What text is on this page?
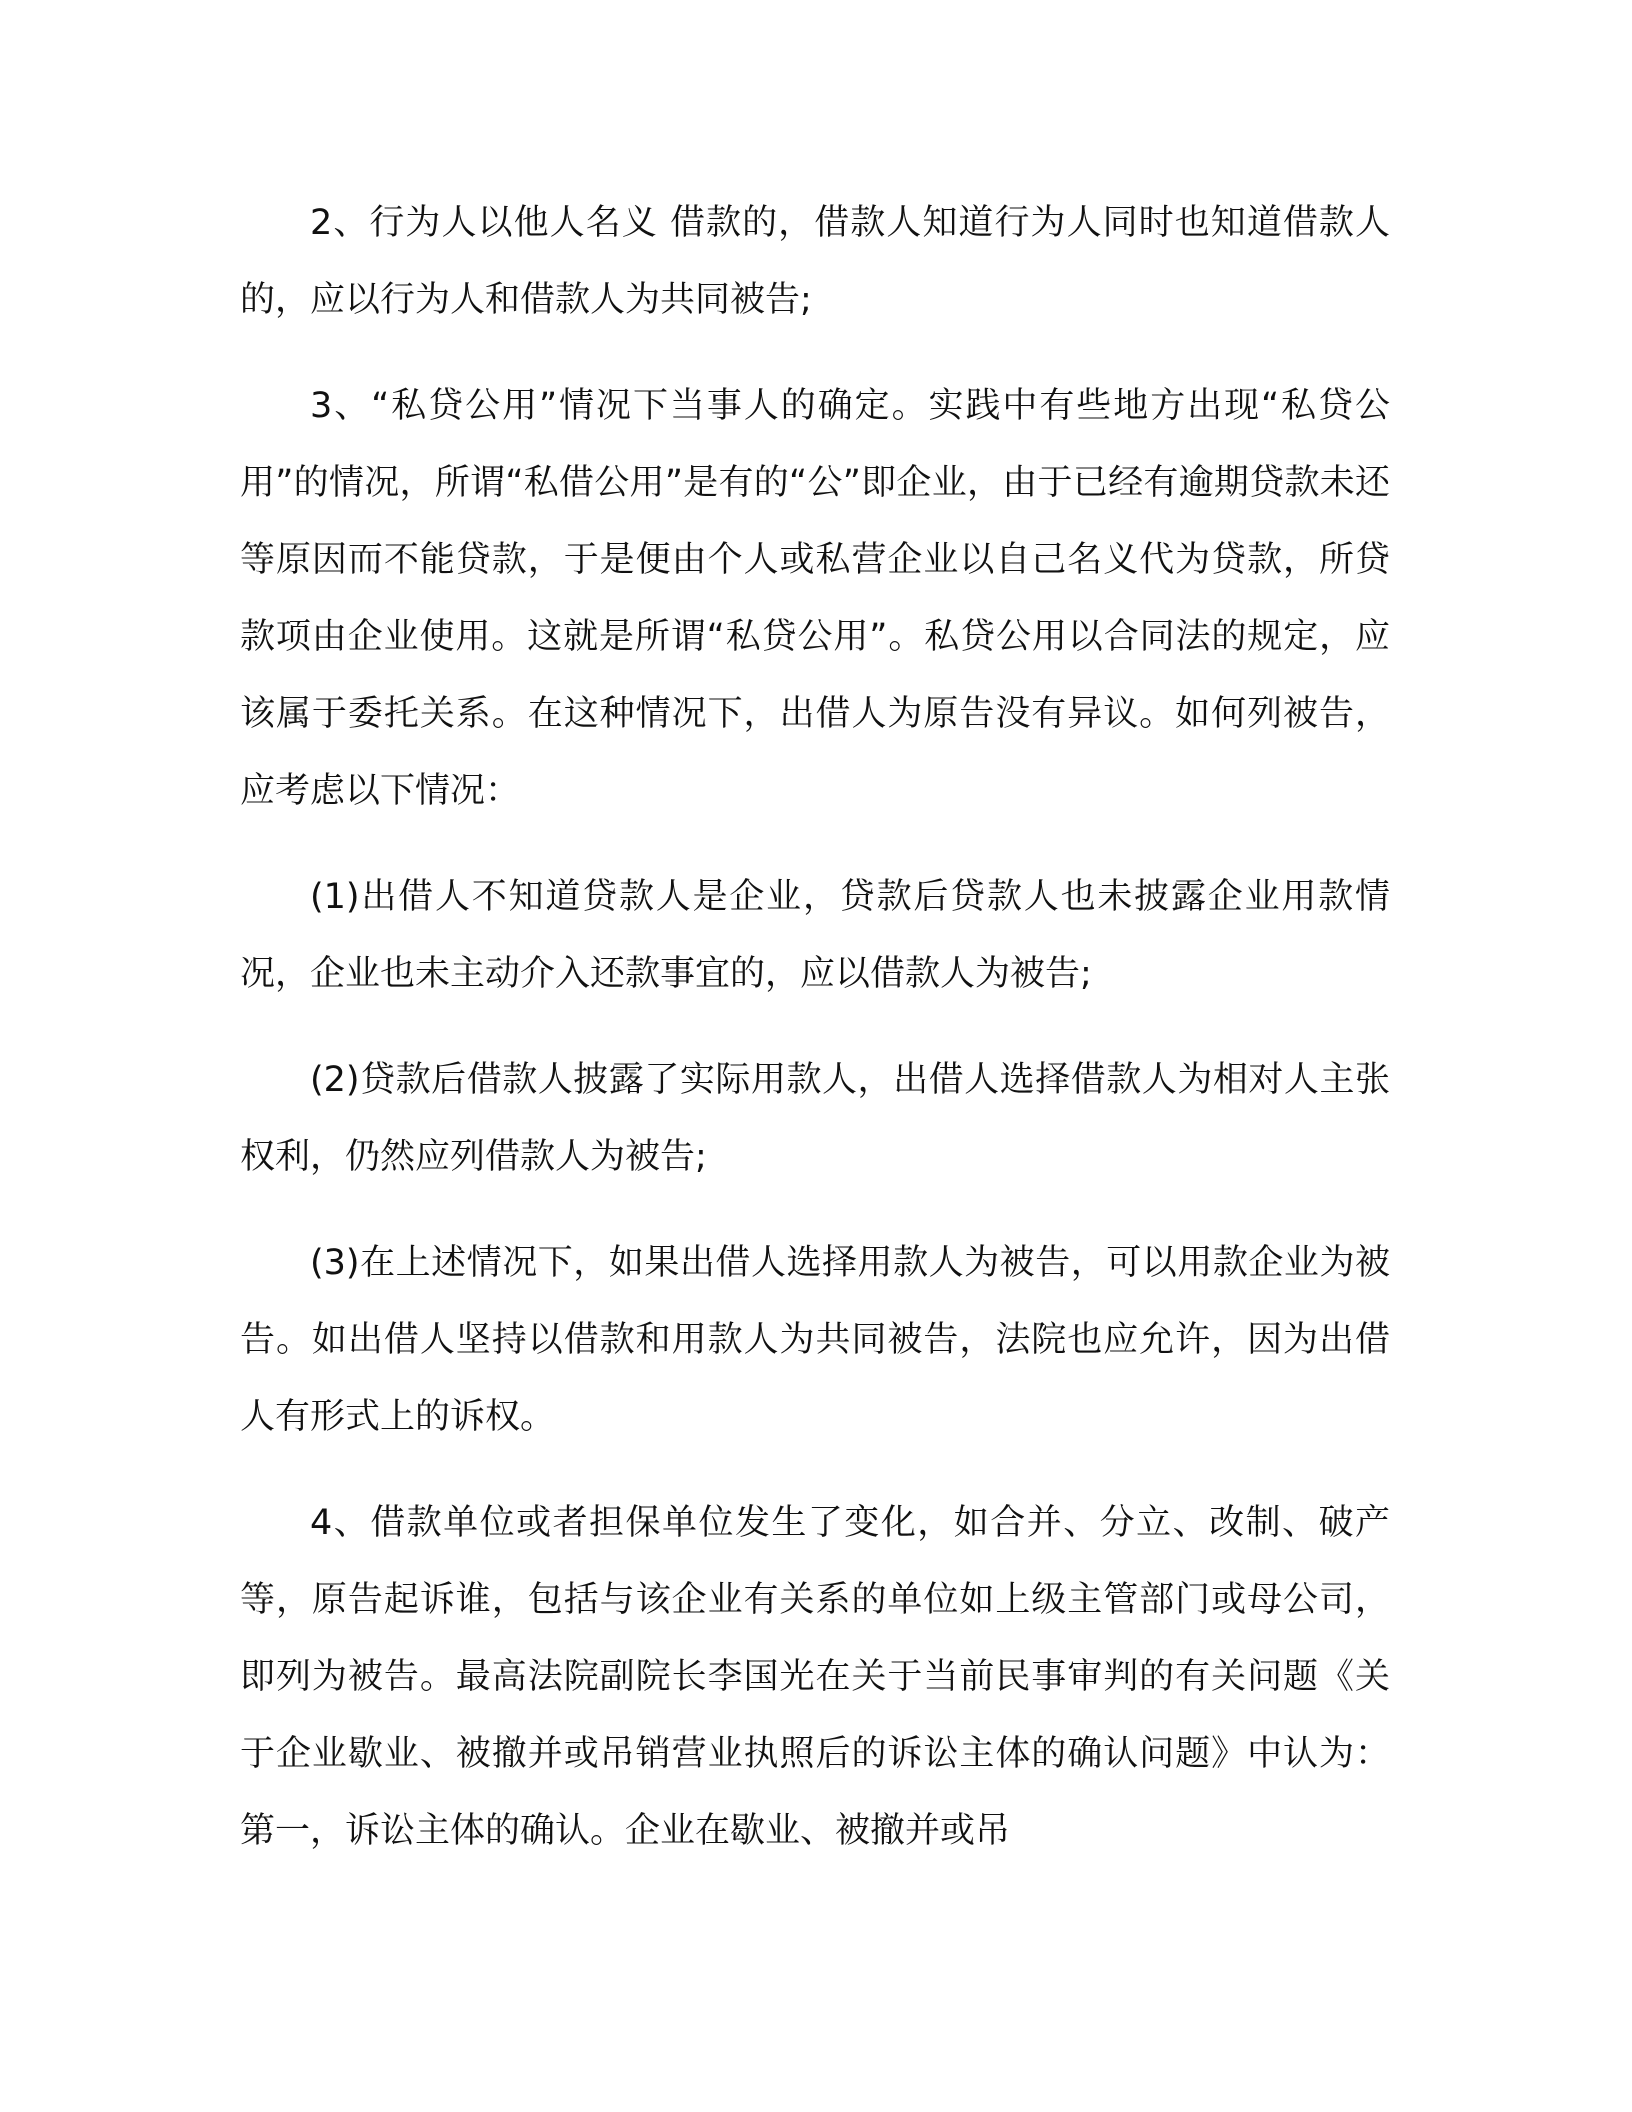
2、行为人以他人名义 借款的，借款人知道行为人同时也知道借款人的，应以行为人和借款人为共同被告;

3、“私贷公用”情况下当事人的确定。实践中有些地方出现“私贷公用”的情况，所谓“私借公用”是有的“公”即企业，由于已经有逾期贷款未还等原因而不能贷款，于是便由个人或私营企业以自己名义代为贷款，所贷款项由企业使用。这就是所谓“私贷公用”。私贷公用以合同法的规定，应该属于委托关系。在这种情况下，出借人为原告没有异议。如何列被告，应考虑以下情况：

(1)出借人不知道贷款人是企业，贷款后贷款人也未披露企业用款情况，企业也未主动介入还款事宜的，应以借款人为被告;

(2)贷款后借款人披露了实际用款人，出借人选择借款人为相对人主张权利，仍然应列借款人为被告;

(3)在上述情况下，如果出借人选择用款人为被告，可以用款企业为被告。如出借人坚持以借款和用款人为共同被告，法院也应允许，因为出借人有形式上的诉权。

4、借款单位或者担保单位发生了变化，如合并、分立、改制、破产等，原告起诉谁，包括与该企业有关系的单位如上级主管部门或母公司，即列为被告。最高法院副院长李国光在关于当前民事审判的有关问题《关于企业歇业、被撤并或吊销营业执照后的诉讼主体的确认问题》中认为：第一，诉讼主体的确认。企业在歇业、被撤并或吊
